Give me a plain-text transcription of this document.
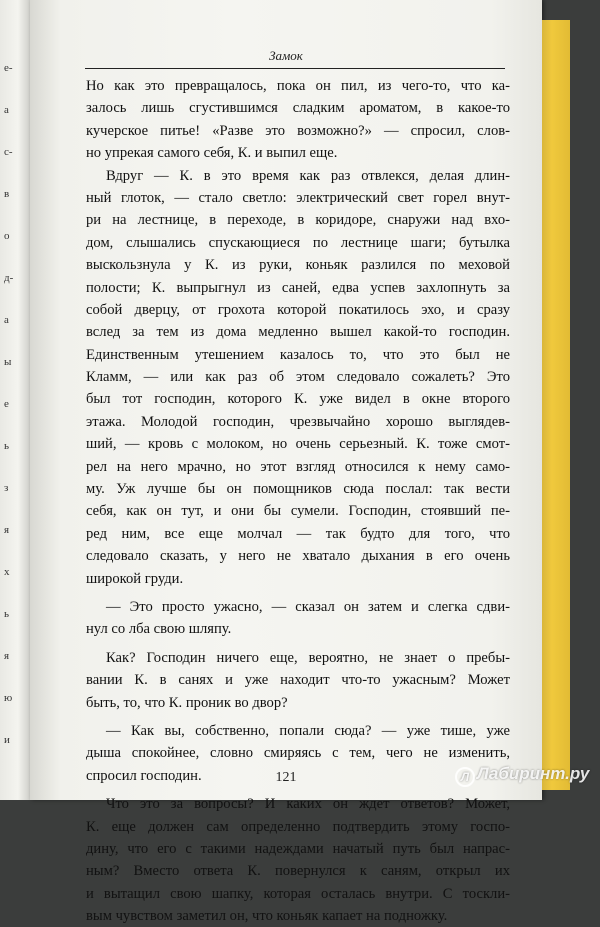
е-
а
с-
в
о
д-
а
ы
е
ь
з
я
х
ь
я
ю
и
Замок
Но как это превращалось, пока он пил, из чего-то, что ка-
залось лишь сгустившимся сладким ароматом, в какое-то
кучерское питье! «Разве это возможно?» — спросил, слов-
но упрекая самого себя, К. и выпил еще.
Вдруг — К. в это время как раз отвлекся, делая длин-
ный глоток, — стало светло: электрический свет горел внут-
ри на лестнице, в переходе, в коридоре, снаружи над вхо-
дом, слышались спускающиеся по лестнице шаги; бутылка
выскользнула у К. из руки, коньяк разлился по меховой
полости; К. выпрыгнул из саней, едва успев захлопнуть за
собой дверцу, от грохота которой покатилось эхо, и сразу
вслед за тем из дома медленно вышел какой-то господин.
Единственным утешением казалось то, что это был не
Кламм, — или как раз об этом следовало сожалеть? Это
был тот господин, которого К. уже видел в окне второго
этажа. Молодой господин, чрезвычайно хорошо выглядев-
ший, — кровь с молоком, но очень серьезный. К. тоже смот-
рел на него мрачно, но этот взгляд относился к нему само-
му. Уж лучше бы он помощников сюда послал: так вести
себя, как он тут, и они бы сумели. Господин, стоявший пе-
ред ним, все еще молчал — так будто для того, что
следовало сказать, у него не хватало дыхания в его очень
широкой груди.
— Это просто ужасно, — сказал он затем и слегка сдви-
нул со лба свою шляпу.
Как? Господин ничего еще, вероятно, не знает о пребы-
вании К. в санях и уже находит что-то ужасным? Может
быть, то, что К. проник во двор?
— Как вы, собственно, попали сюда? — уже тише, уже
дыша спокойнее, словно смиряясь с тем, чего не изменить,
спросил господин.
Что это за вопросы? И каких он ждет ответов? Может,
К. еще должен сам определенно подтвердить этому госпо-
дину, что его с такими надеждами начатый путь был напрас-
ным? Вместо ответа К. повернулся к саням, открыл их
и вытащил свою шапку, которая осталась внутри. С тоскли-
вым чувством заметил он, что коньяк капает на подножку.
121	Л Лабиринт.ру
